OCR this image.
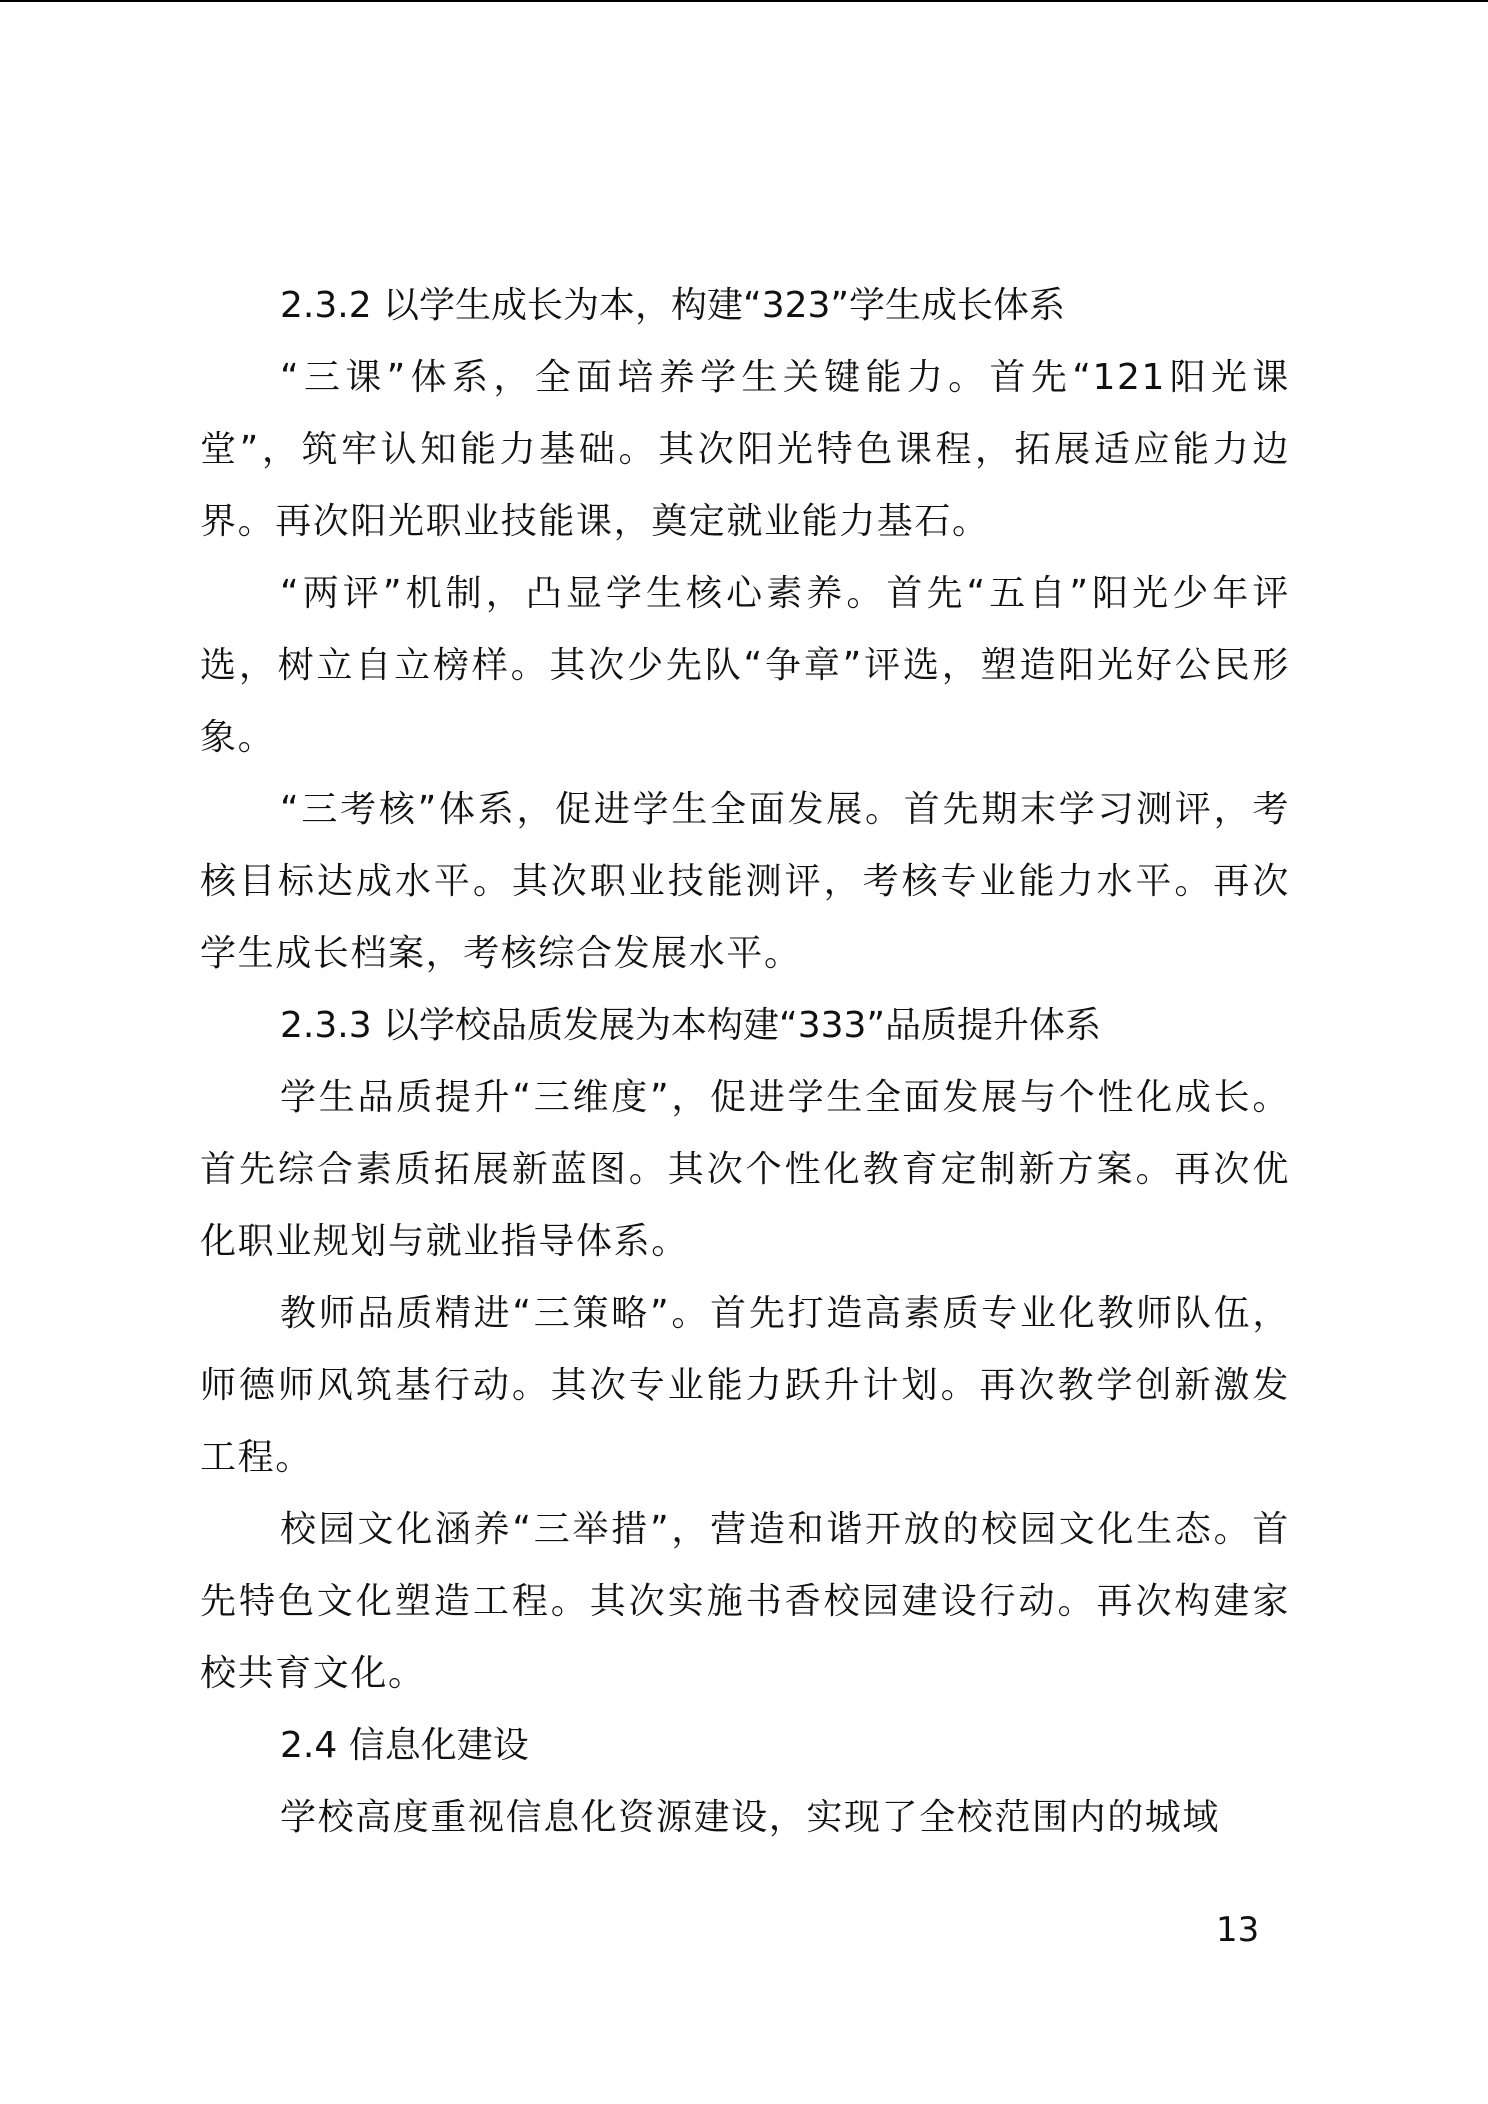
2.3.2 以学生成长为本，构建“323”学生成长体系

“三课”体系，全面培养学生关键能力。首先“121阳光课堂”，筑牢认知能力基础。其次阳光特色课程，拓展适应能力边界。再次阳光职业技能课，奠定就业能力基石。

“两评”机制，凸显学生核心素养。首先“五自”阳光少年评选，树立自立榜样。其次少先队“争章”评选，塑造阳光好公民形象。

“三考核”体系，促进学生全面发展。首先期末学习测评，考核目标达成水平。其次职业技能测评，考核专业能力水平。再次学生成长档案，考核综合发展水平。

2.3.3 以学校品质发展为本构建“333”品质提升体系

学生品质提升“三维度”，促进学生全面发展与个性化成长。首先综合素质拓展新蓝图。其次个性化教育定制新方案。再次优化职业规划与就业指导体系。

教师品质精进“三策略”。首先打造高素质专业化教师队伍，师德师风筑基行动。其次专业能力跃升计划。再次教学创新激发工程。

校园文化涵养“三举措”，营造和谐开放的校园文化生态。首先特色文化塑造工程。其次实施书香校园建设行动。再次构建家校共育文化。

2.4 信息化建设

学校高度重视信息化资源建设，实现了全校范围内的城域

13
